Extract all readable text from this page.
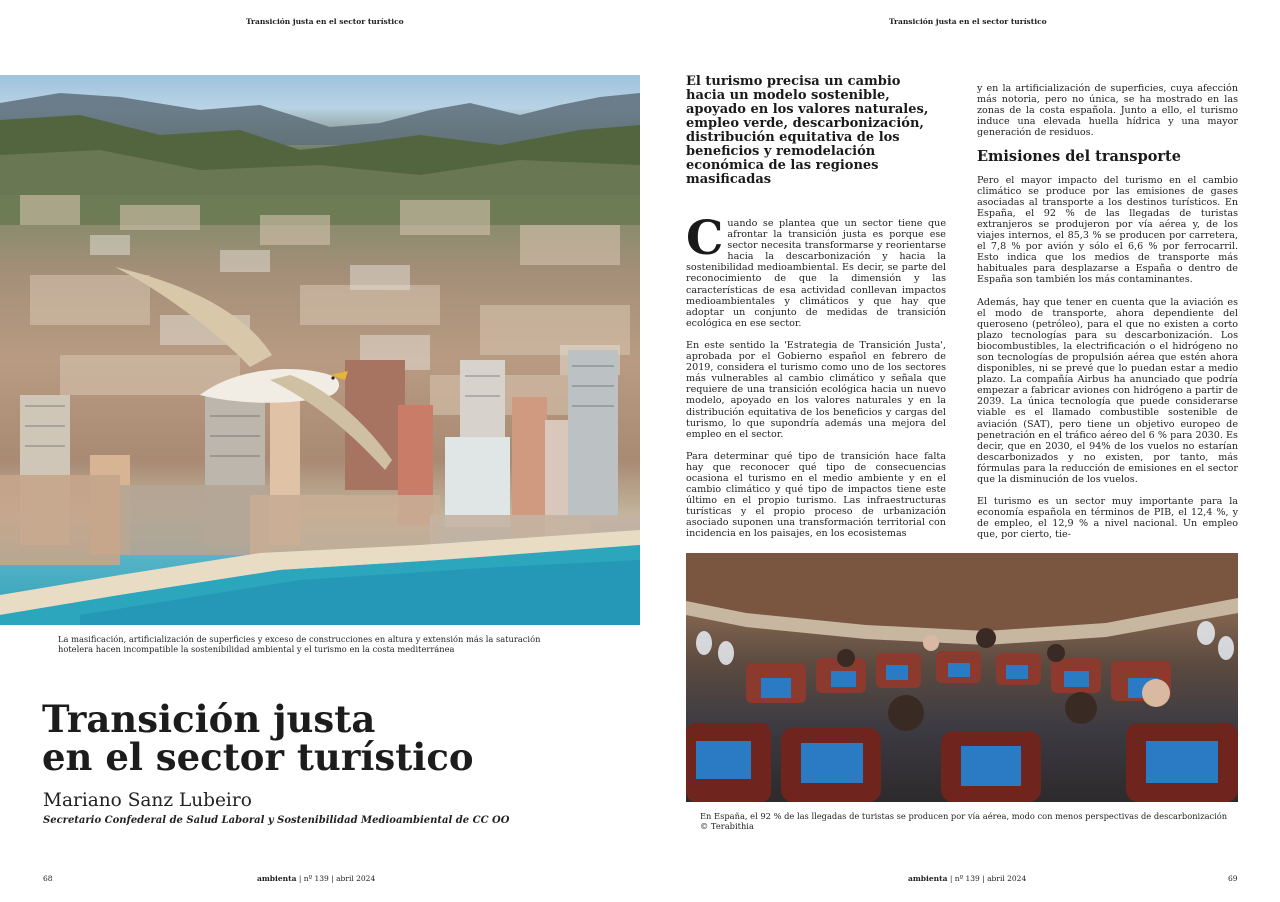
Transición justa en el sector turístico	Transición justa en el sector turístico
La masificación, artificialización de superficies y exceso de construcciones en altura y extensión más la saturación hotelera hacen incompatible la sostenibilidad ambiental y el turismo en la costa mediterránea
Transición justa
en el sector turístico
Mariano Sanz Lubeiro
Secretario Confederal de Salud Laboral y Sostenibilidad Medioambiental de CC OO
El turismo precisa un cambio hacia un modelo sostenible, apoyado en los valores naturales, empleo verde, descarbonización, distribución equitativa de los beneficios y remodelación económica de las regiones masificadas

Cuando se plantea que un sector tiene que afrontar la transición justa es porque ese sector necesita transformarse y reorientarse hacia la descarbonización y hacia la sostenibilidad medioambiental. Es decir, se parte del reconocimiento de que la dimensión y las características de esa actividad conllevan impactos medioambientales y climáticos y que hay que adoptar un conjunto de medidas de transición ecológica en ese sector.

En este sentido la 'Estrategia de Transición Justa', aprobada por el Gobierno español en febrero de 2019, considera el turismo como uno de los sectores más vulnerables al cambio climático y señala que requiere de una transición ecológica hacia un nuevo modelo, apoyado en los valores naturales y en la distribución equitativa de los beneficios y cargas del turismo, lo que supondría además una mejora del empleo en el sector.

Para determinar qué tipo de transición hace falta hay que reconocer qué tipo de consecuencias ocasiona el turismo en el medio ambiente y en el cambio climático y qué tipo de impactos tiene este último en el propio turismo. Las infraestructuras turísticas y el propio proceso de urbanización asociado suponen una transformación territorial con incidencia en los paisajes, en los ecosistemas

y en la artificialización de superficies, cuya afección más notoria, pero no única, se ha mostrado en las zonas de la costa española. Junto a ello, el turismo induce una elevada huella hídrica y una mayor generación de residuos.

Emisiones del transporte

Pero el mayor impacto del turismo en el cambio climático se produce por las emisiones de gases asociadas al transporte a los destinos turísticos. En España, el 92 % de las llegadas de turistas extranjeros se produjeron por vía aérea y, de los viajes internos, el 85,3 % se producen por carretera, el 7,8 % por avión y sólo el 6,6 % por ferrocarril. Esto indica que los medios de transporte más habituales para desplazarse a España o dentro de España son también los más contaminantes.

Además, hay que tener en cuenta que la aviación es el modo de transporte, ahora dependiente del queroseno (petróleo), para el que no existen a corto plazo tecnologías para su descarbonización. Los biocombustibles, la electrificación o el hidrógeno no son tecnologías de propulsión aérea que estén ahora disponibles, ni se prevé que lo puedan estar a medio plazo. La compañía Airbus ha anunciado que podría empezar a fabricar aviones con hidrógeno a partir de 2039. La única tecnología que puede considerarse viable es el llamado combustible sostenible de aviación (SAT), pero tiene un objetivo europeo de penetración en el tráfico aéreo del 6 % para 2030. Es decir, que en 2030, el 94% de los vuelos no estarían descarbonizados y no existen, por tanto, más fórmulas para la reducción de emisiones en el sector que la disminución de los vuelos.

El turismo es un sector muy importante para la economía española en términos de PIB, el 12,4 %, y de empleo, el 12,9 % a nivel nacional. Un empleo que, por cierto, tie-

En España, el 92 % de las llegadas de turistas se producen por vía aérea, modo con menos perspectivas de descarbonización
© Terabithia
68	ambienta | nº 139 | abril 2024	ambienta | nº 139 | abril 2024	69
